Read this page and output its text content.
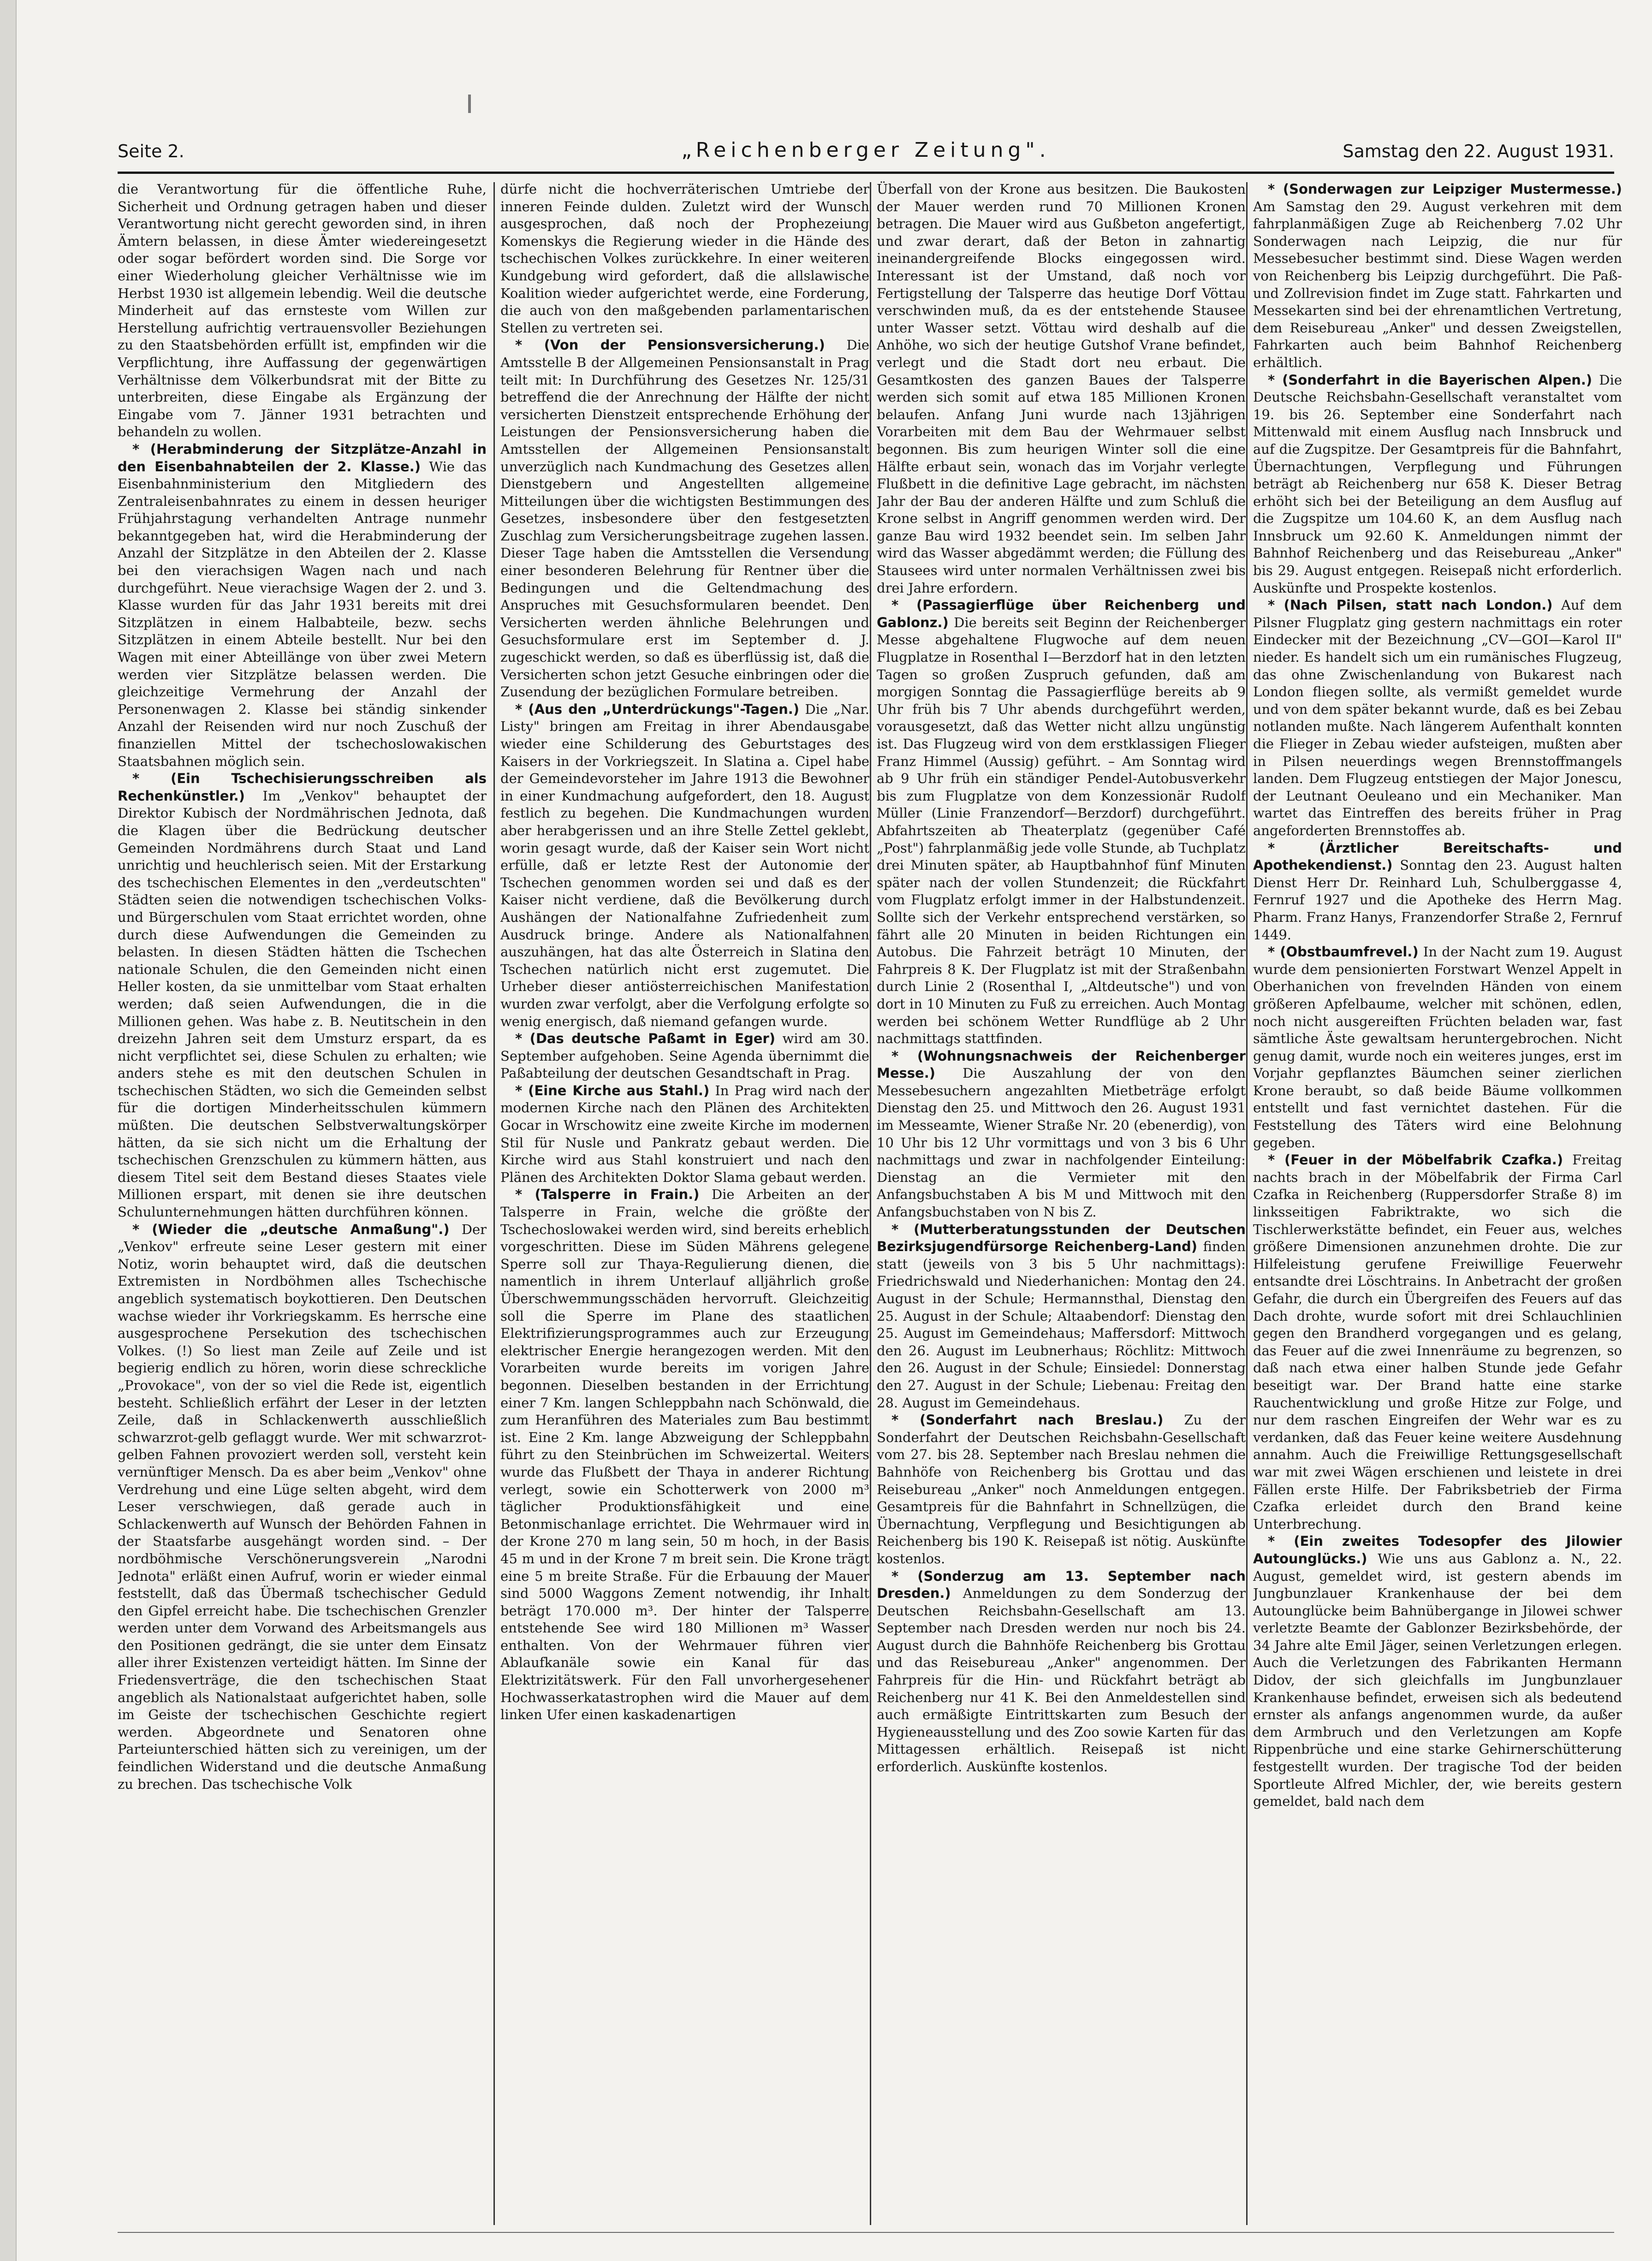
Seite 2.	„Reichenberger Zeitung".	Samstag den 22. August 1931.

die Verantwortung für die öffentliche Ruhe, Sicherheit und Ordnung getragen haben und dieser Verantwortung nicht gerecht geworden sind, in ihren Ämtern belassen, in diese Ämter wiedereingesetzt oder sogar befördert worden sind. Die Sorge vor einer Wiederholung gleicher Verhältnisse wie im Herbst 1930 ist allgemein lebendig. Weil die deutsche Minderheit auf das ernsteste vom Willen zur Herstellung aufrichtig vertrauensvoller Beziehungen zu den Staatsbehörden erfüllt ist, empfinden wir die Verpflichtung, ihre Auffassung der gegenwärtigen Verhältnisse dem Völkerbundsrat mit der Bitte zu unterbreiten, diese Eingabe als Ergänzung der Eingabe vom 7. Jänner 1931 betrachten und behandeln zu wollen.

* (Herabminderung der Sitzplätze-Anzahl in den Eisenbahnabteilen der 2. Klasse.) Wie das Eisenbahnministerium den Mitgliedern des Zentraleisenbahnrates zu einem in dessen heuriger Frühjahrstagung verhandelten Antrage nunmehr bekanntgegeben hat, wird die Herabminderung der Anzahl der Sitzplätze in den Abteilen der 2. Klasse bei den vierachsigen Wagen nach und nach durchgeführt. Neue vierachsige Wagen der 2. und 3. Klasse wurden für das Jahr 1931 bereits mit drei Sitzplätzen in einem Halbabteile, bezw. sechs Sitzplätzen in einem Abteile bestellt. Nur bei den Wagen mit einer Abteillänge von über zwei Metern werden vier Sitzplätze belassen werden. Die gleichzeitige Vermehrung der Anzahl der Personenwagen 2. Klasse bei ständig sinkender Anzahl der Reisenden wird nur noch Zuschuß der finanziellen Mittel der tschechoslowakischen Staatsbahnen möglich sein.

* (Ein Tschechisierungsschreiben als Rechenkünstler.) Im „Venkov" behauptet der Direktor Kubisch der Nordmährischen Jednota, daß die Klagen über die Bedrückung deutscher Gemeinden Nordmährens durch Staat und Land unrichtig und heuchlerisch seien. Mit der Erstarkung des tschechischen Elementes in den „verdeutschten" Städten seien die notwendigen tschechischen Volks- und Bürgerschulen vom Staat errichtet worden, ohne durch diese Aufwendungen die Gemeinden zu belasten. In diesen Städten hätten die Tschechen nationale Schulen, die den Gemeinden nicht einen Heller kosten, da sie unmittelbar vom Staat erhalten werden; daß seien Aufwendungen, die in die Millionen gehen. Was habe z. B. Neutitschein in den dreizehn Jahren seit dem Umsturz erspart, da es nicht verpflichtet sei, diese Schulen zu erhalten; wie anders stehe es mit den deutschen Schulen in tschechischen Städten, wo sich die Gemeinden selbst für die dortigen Minderheitsschulen kümmern müßten. Die deutschen Selbstverwaltungskörper hätten, da sie sich nicht um die Erhaltung der tschechischen Grenzschulen zu kümmern hätten, aus diesem Titel seit dem Bestand dieses Staates viele Millionen erspart, mit denen sie ihre deutschen Schulunternehmungen hätten durchführen können.

* (Wieder die „deutsche Anmaßung".) Der „Venkov" erfreute seine Leser gestern mit einer Notiz, worin behauptet wird, daß die deutschen Extremisten in Nordböhmen alles Tschechische angeblich systematisch boykottieren. Den Deutschen wachse wieder ihr Vorkriegskamm. Es herrsche eine ausgesprochene Persekution des tschechischen Volkes. (!) So liest man Zeile auf Zeile und ist begierig endlich zu hören, worin diese schreckliche „Provokace", von der so viel die Rede ist, eigentlich besteht. Schließlich erfährt der Leser in der letzten Zeile, daß in Schlackenwerth ausschließlich schwarzrot-gelb geflaggt wurde. Wer mit schwarzrot-gelben Fahnen provoziert werden soll, versteht kein vernünftiger Mensch. Da es aber beim „Venkov" ohne Verdrehung und eine Lüge selten abgeht, wird dem Leser verschwiegen, daß gerade auch in Schlackenwerth auf Wunsch der Behörden Fahnen in der Staatsfarbe ausgehängt worden sind. – Der nordböhmische Verschönerungsverein „Narodni Jednota" erläßt einen Aufruf, worin er wieder einmal feststellt, daß das Übermaß tschechischer Geduld den Gipfel erreicht habe. Die tschechischen Grenzler werden unter dem Vorwand des Arbeitsmangels aus den Positionen gedrängt, die sie unter dem Einsatz aller ihrer Existenzen verteidigt hätten. Im Sinne der Friedensverträge, die den tschechischen Staat angeblich als Nationalstaat aufgerichtet haben, solle im Geiste der tschechischen Geschichte regiert werden. Abgeordnete und Senatoren ohne Parteiunterschied hätten sich zu vereinigen, um der feindlichen Widerstand und die deutsche Anmaßung zu brechen. Das tschechische Volk

dürfe nicht die hochverräterischen Umtriebe der inneren Feinde dulden. Zuletzt wird der Wunsch ausgesprochen, daß noch der Prophezeiung Komenskys die Regierung wieder in die Hände des tschechischen Volkes zurückkehre. In einer weiteren Kundgebung wird gefordert, daß die allslawische Koalition wieder aufgerichtet werde, eine Forderung, die auch von den maßgebenden parlamentarischen Stellen zu vertreten sei.

* (Von der Pensionsversicherung.) Die Amtsstelle B der Allgemeinen Pensionsanstalt in Prag teilt mit: In Durchführung des Gesetzes Nr. 125/31 betreffend die der Anrechnung der Hälfte der nicht versicherten Dienstzeit entsprechende Erhöhung der Leistungen der Pensionsversicherung haben die Amtsstellen der Allgemeinen Pensionsanstalt unverzüglich nach Kundmachung des Gesetzes allen Dienstgebern und Angestellten allgemeine Mitteilungen über die wichtigsten Bestimmungen des Gesetzes, insbesondere über den festgesetzten Zuschlag zum Versicherungsbeitrage zugehen lassen. Dieser Tage haben die Amtsstellen die Versendung einer besonderen Belehrung für Rentner über die Bedingungen und die Geltendmachung des Anspruches mit Gesuchsformularen beendet. Den Versicherten werden ähnliche Belehrungen und Gesuchsformulare erst im September d. J. zugeschickt werden, so daß es überflüssig ist, daß die Versicherten schon jetzt Gesuche einbringen oder die Zusendung der bezüglichen Formulare betreiben.

* (Aus den „Unterdrückungs"-Tagen.) Die „Nar. Listy" bringen am Freitag in ihrer Abendausgabe wieder eine Schilderung des Geburtstages des Kaisers in der Vorkriegszeit. In Slatina a. Cipel habe der Gemeindevorsteher im Jahre 1913 die Bewohner in einer Kundmachung aufgefordert, den 18. August festlich zu begehen. Die Kundmachungen wurden aber herabgerissen und an ihre Stelle Zettel geklebt, worin gesagt wurde, daß der Kaiser sein Wort nicht erfülle, daß er letzte Rest der Autonomie der Tschechen genommen worden sei und daß es der Kaiser nicht verdiene, daß die Bevölkerung durch Aushängen der Nationalfahne Zufriedenheit zum Ausdruck bringe. Andere als Nationalfahnen auszuhängen, hat das alte Österreich in Slatina den Tschechen natürlich nicht erst zugemutet. Die Urheber dieser antiösterreichischen Manifestation wurden zwar verfolgt, aber die Verfolgung erfolgte so wenig energisch, daß niemand gefangen wurde.

* (Das deutsche Paßamt in Eger) wird am 30. September aufgehoben. Seine Agenda übernimmt die Paßabteilung der deutschen Gesandtschaft in Prag.

* (Eine Kirche aus Stahl.) In Prag wird nach der modernen Kirche nach den Plänen des Architekten Gocar in Wrschowitz eine zweite Kirche im modernen Stil für Nusle und Pankratz gebaut werden. Die Kirche wird aus Stahl konstruiert und nach den Plänen des Architekten Doktor Slama gebaut werden.

* (Talsperre in Frain.) Die Arbeiten an der Talsperre in Frain, welche die größte der Tschechoslowakei werden wird, sind bereits erheblich vorgeschritten. Diese im Süden Mährens gelegene Sperre soll zur Thaya-Regulierung dienen, die namentlich in ihrem Unterlauf alljährlich große Überschwemmungsschäden hervorruft. Gleichzeitig soll die Sperre im Plane des staatlichen Elektrifizierungsprogrammes auch zur Erzeugung elektrischer Energie herangezogen werden. Mit den Vorarbeiten wurde bereits im vorigen Jahre begonnen. Dieselben bestanden in der Errichtung einer 7 Km. langen Schleppbahn nach Schönwald, die zum Heranführen des Materiales zum Bau bestimmt ist. Eine 2 Km. lange Abzweigung der Schleppbahn führt zu den Steinbrüchen im Schweizertal. Weiters wurde das Flußbett der Thaya in anderer Richtung verlegt, sowie ein Schotterwerk von 2000 m³ täglicher Produktionsfähigkeit und eine Betonmischanlage errichtet. Die Wehrmauer wird in der Krone 270 m lang sein, 50 m hoch, in der Basis 45 m und in der Krone 7 m breit sein. Die Krone trägt eine 5 m breite Straße. Für die Erbauung der Mauer sind 5000 Waggons Zement notwendig, ihr Inhalt beträgt 170.000 m³. Der hinter der Talsperre entstehende See wird 180 Millionen m³ Wasser enthalten. Von der Wehrmauer führen vier Ablaufkanäle sowie ein Kanal für das Elektrizitätswerk. Für den Fall unvorhergesehener Hochwasserkatastrophen wird die Mauer auf dem linken Ufer einen kaskadenartigen

Überfall von der Krone aus besitzen. Die Baukosten der Mauer werden rund 70 Millionen Kronen betragen. Die Mauer wird aus Gußbeton angefertigt, und zwar derart, daß der Beton in zahnartig ineinandergreifende Blocks eingegossen wird. Interessant ist der Umstand, daß noch vor Fertigstellung der Talsperre das heutige Dorf Vöttau verschwinden muß, da es der entstehende Stausee unter Wasser setzt. Vöttau wird deshalb auf die Anhöhe, wo sich der heutige Gutshof Vrane befindet, verlegt und die Stadt dort neu erbaut. Die Gesamtkosten des ganzen Baues der Talsperre werden sich somit auf etwa 185 Millionen Kronen belaufen. Anfang Juni wurde nach 13jährigen Vorarbeiten mit dem Bau der Wehrmauer selbst begonnen. Bis zum heurigen Winter soll die eine Hälfte erbaut sein, wonach das im Vorjahr verlegte Flußbett in die definitive Lage gebracht, im nächsten Jahr der Bau der anderen Hälfte und zum Schluß die Krone selbst in Angriff genommen werden wird. Der ganze Bau wird 1932 beendet sein. Im selben Jahr wird das Wasser abgedämmt werden; die Füllung des Stausees wird unter normalen Verhältnissen zwei bis drei Jahre erfordern.

* (Passagierflüge über Reichenberg und Gablonz.) Die bereits seit Beginn der Reichenberger Messe abgehaltene Flugwoche auf dem neuen Flugplatze in Rosenthal I—Berzdorf hat in den letzten Tagen so großen Zuspruch gefunden, daß am morgigen Sonntag die Passagierflüge bereits ab 9 Uhr früh bis 7 Uhr abends durchgeführt werden, vorausgesetzt, daß das Wetter nicht allzu ungünstig ist. Das Flugzeug wird von dem erstklassigen Flieger Franz Himmel (Aussig) geführt. – Am Sonntag wird ab 9 Uhr früh ein ständiger Pendel-Autobusverkehr bis zum Flugplatze von dem Konzessionär Rudolf Müller (Linie Franzendorf—Berzdorf) durchgeführt. Abfahrtszeiten ab Theaterplatz (gegenüber Café „Post") fahrplanmäßig jede volle Stunde, ab Tuchplatz drei Minuten später, ab Hauptbahnhof fünf Minuten später nach der vollen Stundenzeit; die Rückfahrt vom Flugplatz erfolgt immer in der Halbstundenzeit. Sollte sich der Verkehr entsprechend verstärken, so fährt alle 20 Minuten in beiden Richtungen ein Autobus. Die Fahrzeit beträgt 10 Minuten, der Fahrpreis 8 K. Der Flugplatz ist mit der Straßenbahn durch Linie 2 (Rosenthal I, „Altdeutsche") und von dort in 10 Minuten zu Fuß zu erreichen. Auch Montag werden bei schönem Wetter Rundflüge ab 2 Uhr nachmittags stattfinden.

* (Wohnungsnachweis der Reichenberger Messe.) Die Auszahlung der von den Messebesuchern angezahlten Mietbeträge erfolgt Dienstag den 25. und Mittwoch den 26. August 1931 im Messeamte, Wiener Straße Nr. 20 (ebenerdig), von 10 Uhr bis 12 Uhr vormittags und von 3 bis 6 Uhr nachmittags und zwar in nachfolgender Einteilung: Dienstag an die Vermieter mit den Anfangsbuchstaben A bis M und Mittwoch mit den Anfangsbuchstaben von N bis Z.

* (Mutterberatungsstunden der Deutschen Bezirksjugendfürsorge Reichenberg-Land) finden statt (jeweils von 3 bis 5 Uhr nachmittags): Friedrichswald und Niederhanichen: Montag den 24. August in der Schule; Hermannsthal, Dienstag den 25. August in der Schule; Altaabendorf: Dienstag den 25. August im Gemeindehaus; Maffersdorf: Mittwoch den 26. August im Leubnerhaus; Röchlitz: Mittwoch den 26. August in der Schule; Einsiedel: Donnerstag den 27. August in der Schule; Liebenau: Freitag den 28. August im Gemeindehaus.

* (Sonderfahrt nach Breslau.) Zu der Sonderfahrt der Deutschen Reichsbahn-Gesellschaft vom 27. bis 28. September nach Breslau nehmen die Bahnhöfe von Reichenberg bis Grottau und das Reisebureau „Anker" noch Anmeldungen entgegen. Gesamtpreis für die Bahnfahrt in Schnellzügen, die Übernachtung, Verpflegung und Besichtigungen ab Reichenberg bis 190 K. Reisepaß ist nötig. Auskünfte kostenlos.

* (Sonderzug am 13. September nach Dresden.) Anmeldungen zu dem Sonderzug der Deutschen Reichsbahn-Gesellschaft am 13. September nach Dresden werden nur noch bis 24. August durch die Bahnhöfe Reichenberg bis Grottau und das Reisebureau „Anker" angenommen. Der Fahrpreis für die Hin- und Rückfahrt beträgt ab Reichenberg nur 41 K. Bei den Anmeldestellen sind auch ermäßigte Eintrittskarten zum Besuch der Hygieneausstellung und des Zoo sowie Karten für das Mittagessen erhältlich. Reisepaß ist nicht erforderlich. Auskünfte kostenlos.

* (Sonderwagen zur Leipziger Mustermesse.) Am Samstag den 29. August verkehren mit dem fahrplanmäßigen Zuge ab Reichenberg 7.02 Uhr Sonderwagen nach Leipzig, die nur für Messebesucher bestimmt sind. Diese Wagen werden von Reichenberg bis Leipzig durchgeführt. Die Paß- und Zollrevision findet im Zuge statt. Fahrkarten und Messekarten sind bei der ehrenamtlichen Vertretung, dem Reisebureau „Anker" und dessen Zweigstellen, Fahrkarten auch beim Bahnhof Reichenberg erhältlich.

* (Sonderfahrt in die Bayerischen Alpen.) Die Deutsche Reichsbahn-Gesellschaft veranstaltet vom 19. bis 26. September eine Sonderfahrt nach Mittenwald mit einem Ausflug nach Innsbruck und auf die Zugspitze. Der Gesamtpreis für die Bahnfahrt, Übernachtungen, Verpflegung und Führungen beträgt ab Reichenberg nur 658 K. Dieser Betrag erhöht sich bei der Beteiligung an dem Ausflug auf die Zugspitze um 104.60 K, an dem Ausflug nach Innsbruck um 92.60 K. Anmeldungen nimmt der Bahnhof Reichenberg und das Reisebureau „Anker" bis 29. August entgegen. Reisepaß nicht erforderlich. Auskünfte und Prospekte kostenlos.

* (Nach Pilsen, statt nach London.) Auf dem Pilsner Flugplatz ging gestern nachmittags ein roter Eindecker mit der Bezeichnung „CV—GOI—Karol II" nieder. Es handelt sich um ein rumänisches Flugzeug, das ohne Zwischenlandung von Bukarest nach London fliegen sollte, als vermißt gemeldet wurde und von dem später bekannt wurde, daß es bei Zebau notlanden mußte. Nach längerem Aufenthalt konnten die Flieger in Zebau wieder aufsteigen, mußten aber in Pilsen neuerdings wegen Brennstoffmangels landen. Dem Flugzeug entstiegen der Major Jonescu, der Leutnant Oeuleano und ein Mechaniker. Man wartet das Eintreffen des bereits früher in Prag angeforderten Brennstoffes ab.

* (Ärztlicher Bereitschafts- und Apothekendienst.) Sonntag den 23. August halten Dienst Herr Dr. Reinhard Luh, Schulberggasse 4, Fernruf 1927 und die Apotheke des Herrn Mag. Pharm. Franz Hanys, Franzendorfer Straße 2, Fernruf 1449.

* (Obstbaumfrevel.) In der Nacht zum 19. August wurde dem pensionierten Forstwart Wenzel Appelt in Oberhanichen von frevelnden Händen von einem größeren Apfelbaume, welcher mit schönen, edlen, noch nicht ausgereiften Früchten beladen war, fast sämtliche Äste gewaltsam heruntergebrochen. Nicht genug damit, wurde noch ein weiteres junges, erst im Vorjahr gepflanztes Bäumchen seiner zierlichen Krone beraubt, so daß beide Bäume vollkommen entstellt und fast vernichtet dastehen. Für die Feststellung des Täters wird eine Belohnung gegeben.

* (Feuer in der Möbelfabrik Czafka.) Freitag nachts brach in der Möbelfabrik der Firma Carl Czafka in Reichenberg (Ruppersdorfer Straße 8) im linksseitigen Fabriktrakte, wo sich die Tischlerwerkstätte befindet, ein Feuer aus, welches größere Dimensionen anzunehmen drohte. Die zur Hilfeleistung gerufene Freiwillige Feuerwehr entsandte drei Löschtrains. In Anbetracht der großen Gefahr, die durch ein Übergreifen des Feuers auf das Dach drohte, wurde sofort mit drei Schlauchlinien gegen den Brandherd vorgegangen und es gelang, das Feuer auf die zwei Innenräume zu begrenzen, so daß nach etwa einer halben Stunde jede Gefahr beseitigt war. Der Brand hatte eine starke Rauchentwicklung und große Hitze zur Folge, und nur dem raschen Eingreifen der Wehr war es zu verdanken, daß das Feuer keine weitere Ausdehnung annahm. Auch die Freiwillige Rettungsgesellschaft war mit zwei Wägen erschienen und leistete in drei Fällen erste Hilfe. Der Fabriksbetrieb der Firma Czafka erleidet durch den Brand keine Unterbrechung.

* (Ein zweites Todesopfer des Jilowier Autounglücks.) Wie uns aus Gablonz a. N., 22. August, gemeldet wird, ist gestern abends im Jungbunzlauer Krankenhause der bei dem Autounglücke beim Bahnübergange in Jilowei schwer verletzte Beamte der Gablonzer Bezirksbehörde, der 34 Jahre alte Emil Jäger, seinen Verletzungen erlegen. Auch die Verletzungen des Fabrikanten Hermann Didov, der sich gleichfalls im Jungbunzlauer Krankenhause befindet, erweisen sich als bedeutend ernster als anfangs angenommen wurde, da außer dem Armbruch und den Verletzungen am Kopfe Rippenbrüche und eine starke Gehirnerschütterung festgestellt wurden. Der tragische Tod der beiden Sportleute Alfred Michler, der, wie bereits gestern gemeldet, bald nach dem
